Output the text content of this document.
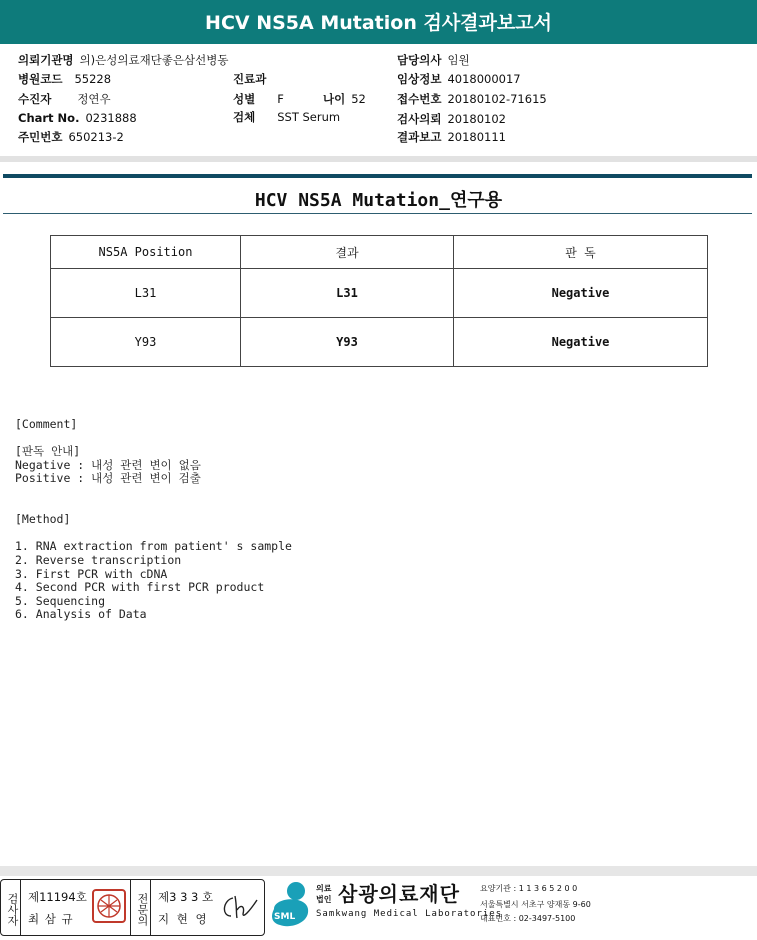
HCV NS5A Mutation 검사결과보고서
의뢰기관명 의)은성의료재단좋은삼선병동	담당의사 임원
병원코드 55228	진료과	임상정보 4018000017
수진자 정연우	성별 F	나이 52	접수번호 20180102-71615
Chart No. 0231888	검체 SST Serum	검사의뢰 20180102
주민번호 650213-2	결과보고 20180111
HCV NS5A Mutation_연구용
NS5A Position	결과	판 독
L31	L31	Negative
Y93	Y93	Negative
[Comment]

[판독 안내]
Negative : 내성 관련 변이 없음
Positive : 내성 관련 변이 검출

[Method]

1. RNA extraction from patient' s sample
2. Reverse transcription
3. First PCR with cDNA
4. Second PCR with first PCR product
5. Sequencing
6. Analysis of Data
검사자 제11194호
최 삼 규	전문의 제3 3 3 호
지 현 영	SML
의료
법인 삼광의료재단
Samkwang Medical Laboratories
요양기관 : 1 1 3 6 5 2 0 0
서울특별시 서초구 양재동 9-60
대표번호 : 02-3497-5100
